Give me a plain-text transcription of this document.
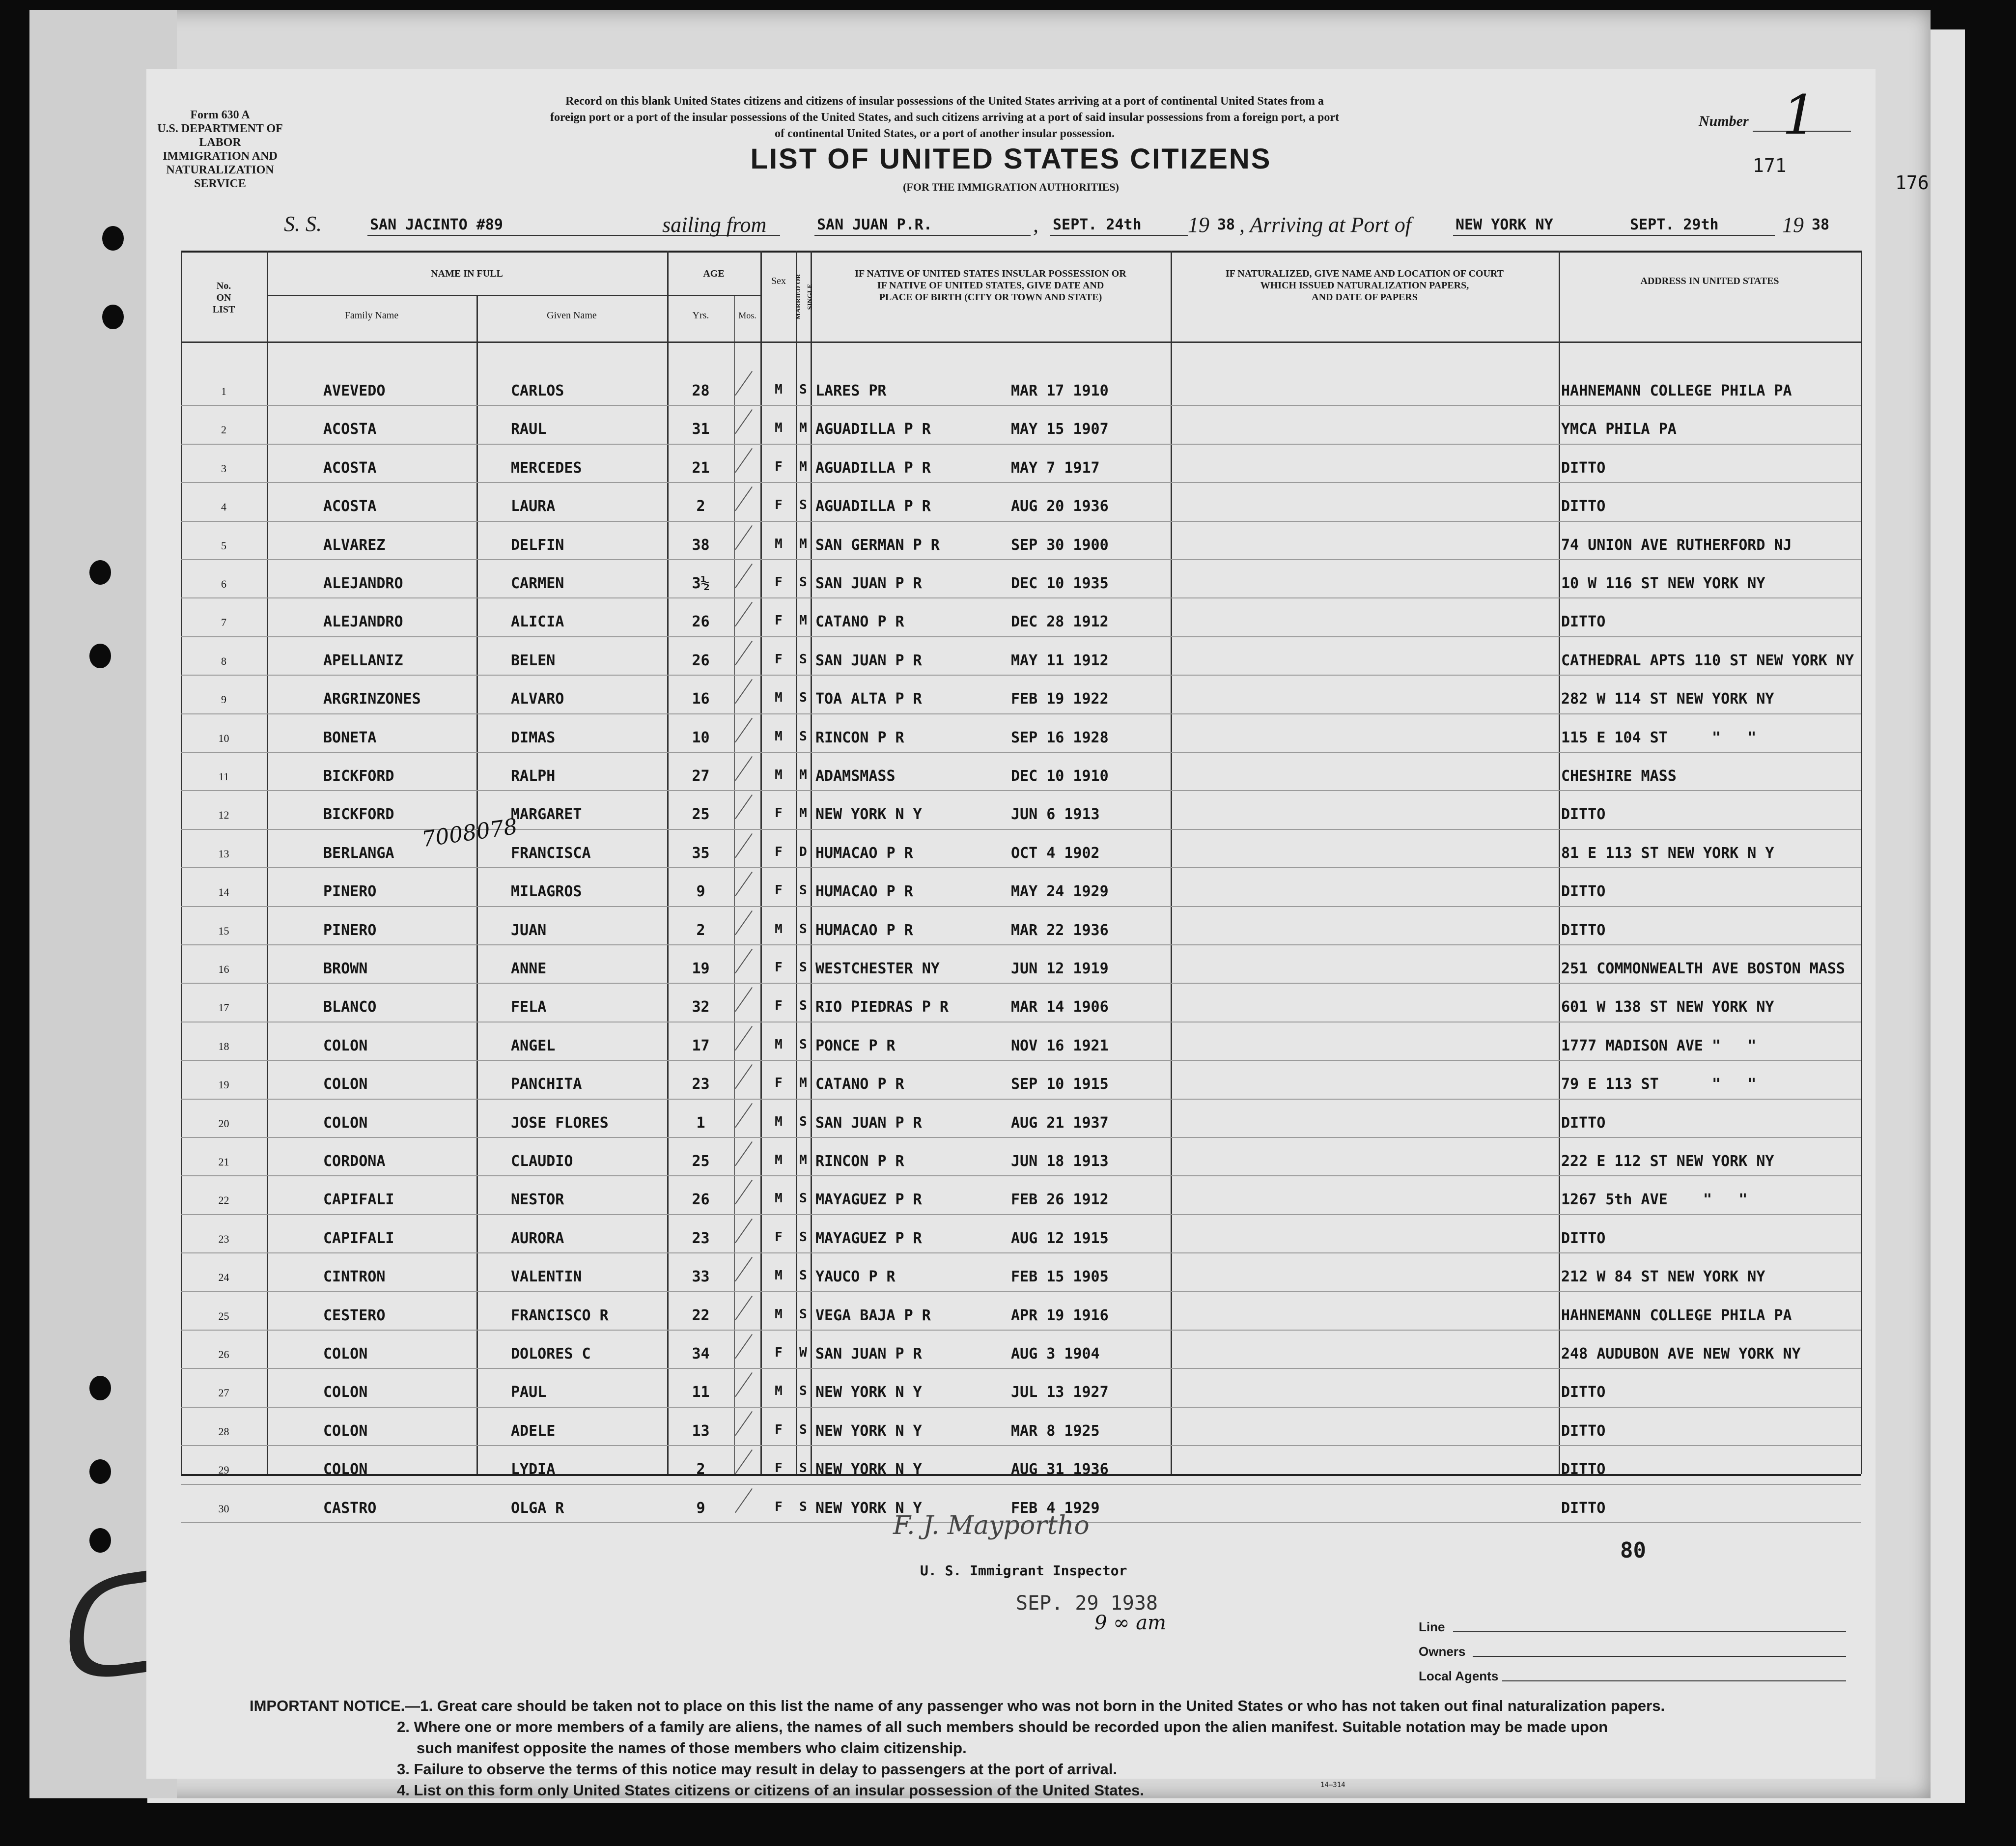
Form 630 A
U.S. DEPARTMENT OF LABOR
IMMIGRATION AND
NATURALIZATION SERVICE
Record on this blank United States citizens and citizens of insular possessions of the United States arriving at a port of continental United States from a
foreign port or a port of the insular possessions of the United States, and such citizens arriving at a port of said insular possessions from a foreign port, a port
of continental United States, or a port of another insular possession.
Number 1
LIST OF UNITED STATES CITIZENS
(FOR THE IMMIGRATION AUTHORITIES)
171
176
S. S.	SAN JACINTO #89	sailing from	SAN JUAN P.R.	, SEPT. 24th 19 38 , Arriving at Port of	NEW YORK NY	SEPT. 29th	19 38
No.
ON
LIST
NAME IN FULL
Family Name	Given Name
AGE
Yrs.	Mos.
Sex	MARRIED OR SINGLE
IF NATIVE OF UNITED STATES INSULAR POSSESSION OR
IF NATIVE OF UNITED STATES, GIVE DATE AND
PLACE OF BIRTH (CITY OR TOWN AND STATE)
IF NATURALIZED, GIVE NAME AND LOCATION OF COURT
WHICH ISSUED NATURALIZATION PAPERS,
AND DATE OF PAPERS
ADDRESS IN UNITED STATES
1	AVEVEDO	CARLOS	28	M	S LARES PR	MAR 17 1910	HAHNEMANN COLLEGE PHILA PA
2	ACOSTA	RAUL	31	M	M AGUADILLA P R	MAY 15 1907	YMCA PHILA PA
3	ACOSTA	MERCEDES	21	F	M AGUADILLA P R	MAY 7 1917	DITTO
4	ACOSTA	LAURA	2	F	S AGUADILLA P R	AUG 20 1936	DITTO
5	ALVAREZ	DELFIN	38	M	M SAN GERMAN P R	SEP 30 1900	74 UNION AVE RUTHERFORD NJ
6	ALEJANDRO	CARMEN	3½	F	S SAN JUAN P R	DEC 10 1935	10 W 116 ST NEW YORK NY
7	ALEJANDRO	ALICIA	26	F	M CATANO P R	DEC 28 1912	DITTO
8	APELLANIZ	BELEN	26	F	S SAN JUAN P R	MAY 11 1912	CATHEDRAL APTS 110 ST NEW YORK NY
9	ARGRINZONES	ALVARO	16	M	S TOA ALTA P R	FEB 19 1922	282 W 114 ST NEW YORK NY
10	BONETA	DIMAS	10	M	S RINCON P R	SEP 16 1928	115 E 104 ST     "   "
11	BICKFORD	RALPH	27	M	M ADAMSMASS	DEC 10 1910	CHESHIRE MASS
12	BICKFORD	MARGARET	25	F	M NEW YORK N Y	JUN 6 1913	DITTO
13	BERLANGA	FRANCISCA	35	F	D HUMACAO P R	OCT 4 1902	81 E 113 ST NEW YORK N Y
14	PINERO	MILAGROS	9	F	S HUMACAO P R	MAY 24 1929	DITTO
15	PINERO	JUAN	2	M	S HUMACAO P R	MAR 22 1936	DITTO
16	BROWN	ANNE	19	F	S WESTCHESTER NY	JUN 12 1919	251 COMMONWEALTH AVE BOSTON MASS
17	BLANCO	FELA	32	F	S RIO PIEDRAS P R	MAR 14 1906	601 W 138 ST NEW YORK NY
18	COLON	ANGEL	17	M	S PONCE P R	NOV 16 1921	1777 MADISON AVE "   "
19	COLON	PANCHITA	23	F	M CATANO P R	SEP 10 1915	79 E 113 ST      "   "
20	COLON	JOSE FLORES	1	M	S SAN JUAN P R	AUG 21 1937	DITTO
21	CORDONA	CLAUDIO	25	M	M RINCON P R	JUN 18 1913	222 E 112 ST NEW YORK NY
22	CAPIFALI	NESTOR	26	M	S MAYAGUEZ P R	FEB 26 1912	1267 5th AVE    "   "
23	CAPIFALI	AURORA	23	F	S MAYAGUEZ P R	AUG 12 1915	DITTO
24	CINTRON	VALENTIN	33	M	S YAUCO P R	FEB 15 1905	212 W 84 ST NEW YORK NY
25	CESTERO	FRANCISCO R	22	M	S VEGA BAJA P R	APR 19 1916	HAHNEMANN COLLEGE PHILA PA
26	COLON	DOLORES C	34	F	W SAN JUAN P R	AUG 3 1904	248 AUDUBON AVE NEW YORK NY
27	COLON	PAUL	11	M	S NEW YORK N Y	JUL 13 1927	DITTO
28	COLON	ADELE	13	F	S NEW YORK N Y	MAR 8 1925	DITTO
29	COLON	LYDIA	2	F	S NEW YORK N Y	AUG 31 1936	DITTO
30	CASTRO	OLGA R	9	F	S NEW YORK N Y	FEB 4 1929	DITTO
7008078
80
F. J. Mayportho
U. S. Immigrant Inspector
SEP. 29 1938
9 ∞ am	Line
Owners
Local Agents
IMPORTANT NOTICE.—1. Great care should be taken not to place on this list the name of any passenger who was not born in the United States or who has not taken out final naturalization papers.
2. Where one or more members of a family are aliens, the names of all such members should be recorded upon the alien manifest. Suitable notation may be made upon
such manifest opposite the names of those members who claim citizenship.
3. Failure to observe the terms of this notice may result in delay to passengers at the port of arrival.
4. List on this form only United States citizens or citizens of an insular possession of the United States.	14—314
